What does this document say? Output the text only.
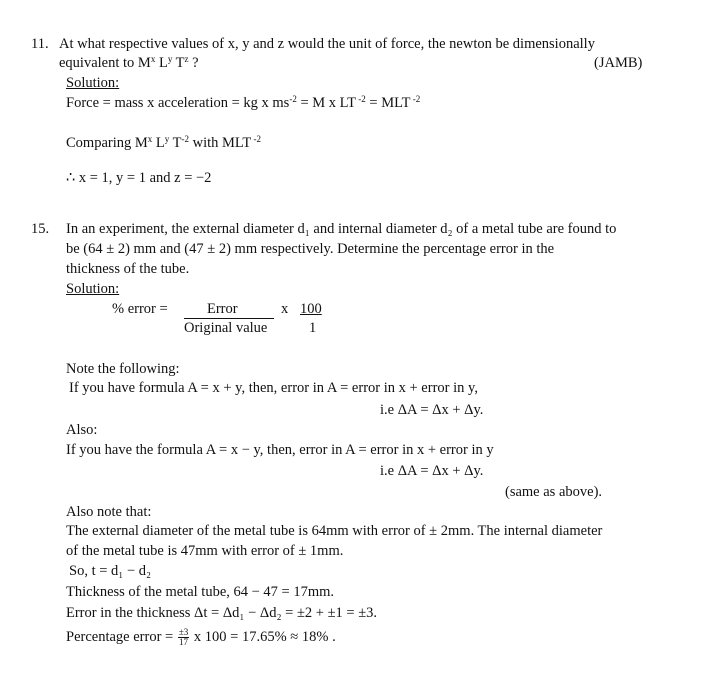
11. At what respective values of x, y and z would the unit of force, the newton be dimensionally
equivalent to $M^x$ $L^y$ $T^z$ ?	(JAMB)
Solution:
Force = mass x acceleration = kg x $ms^{-2} = M$ x LT $^{-2}$ = MLT $^{-2}$
Comparing $M^x$ $L^y$ $T^{-2}$ with MLT $^{-2}$
∴ x = 1, y = 1 and z = −2
15. In an experiment, the external diameter d₁ and internal diameter d₂ of a metal tube are found to
be (64 ± 2) mm and (47 ± 2) mm respectively. Determine the percentage error in the
thickness of the tube.
Solution:
% error =	Error
Original value
x 100
1
Note the following:
If you have formula A = x + y, then, error in A = error in x + error in y,
i.e ΔA = Δx + Δy.
Also:
If you have the formula A = x − y, then, error in A = error in x + error in y
i.e ΔA = Δx + Δy.
(same as above).
Also note that:
The external diameter of the metal tube is 64mm with error of ± 2mm. The internal diameter
of the metal tube is 47mm with error of ± 1mm.
So, t = d₁ − d₂
Thickness of the metal tube, 64 − 47 = 17mm.
Error in the thickness Δt = Δd₁ − Δd₂ = ±2 + ±1 = ±3.
Percentage error = $\frac{\pm 3}{17}$ x 100 = 17.65% ≈ 18% .
